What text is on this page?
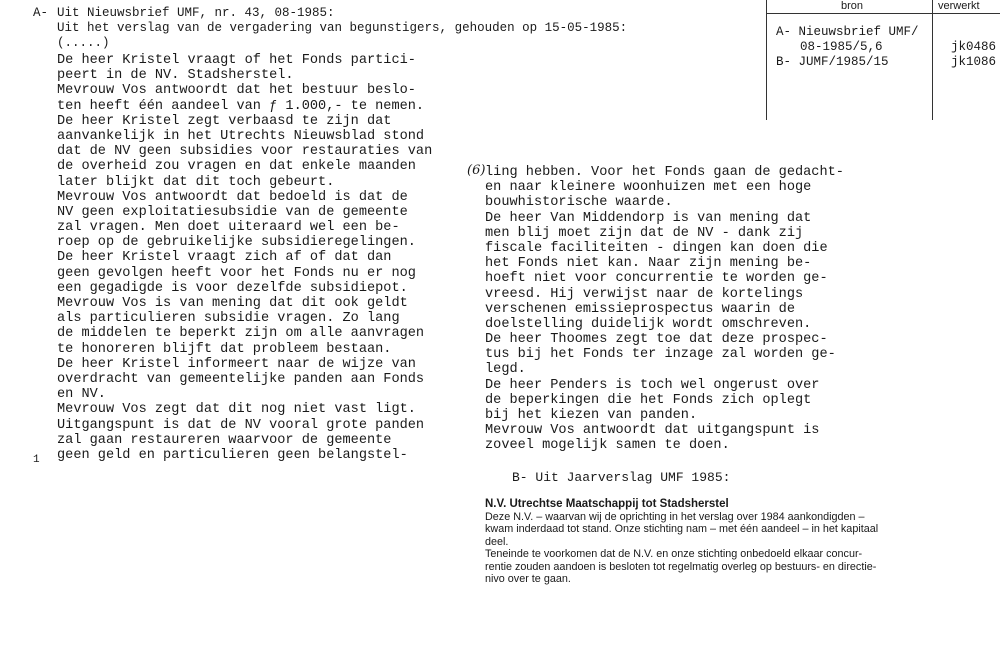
A- Uit Nieuwsbrief UMF, nr. 43, 08-1985:
Uit het verslag van de vergadering van begunstigers, gehouden op 15-05-1985:
(.....)
bron	verwerkt
A- Nieuwsbrief UMF/
08-1985/5,6	jk0486
B- JUMF/1985/15	jk1086
De heer Kristel vraagt of het Fonds partici-
peert in de NV. Stadsherstel.
Mevrouw Vos antwoordt dat het bestuur beslo-
ten heeft één aandeel van ƒ 1.000,- te nemen.
De heer Kristel zegt verbaasd te zijn dat
aanvankelijk in het Utrechts Nieuwsblad stond
dat de NV geen subsidies voor restauraties van
de overheid zou vragen en dat enkele maanden
later blijkt dat dit toch gebeurt.
Mevrouw Vos antwoordt dat bedoeld is dat de
NV geen exploitatiesubsidie van de gemeente
zal vragen. Men doet uiteraard wel een be-
roep op de gebruikelijke subsidieregelingen.
De heer Kristel vraagt zich af of dat dan
geen gevolgen heeft voor het Fonds nu er nog
een gegadigde is voor dezelfde subsidiepot.
Mevrouw Vos is van mening dat dit ook geldt
als particulieren subsidie vragen. Zo lang
de middelen te beperkt zijn om alle aanvragen
te honoreren blijft dat probleem bestaan.
De heer Kristel informeert naar de wijze van
overdracht van gemeentelijke panden aan Fonds
en NV.
Mevrouw Vos zegt dat dit nog niet vast ligt.
Uitgangspunt is dat de NV vooral grote panden
zal gaan restaureren waarvoor de gemeente
geen geld en particulieren geen belangstel-
(6) ling hebben. Voor het Fonds gaan de gedacht-
en naar kleinere woonhuizen met een hoge
bouwhistorische waarde.
De heer Van Middendorp is van mening dat
men blij moet zijn dat de NV - dank zij
fiscale faciliteiten - dingen kan doen die
het Fonds niet kan. Naar zijn mening be-
hoeft niet voor concurrentie te worden ge-
vreesd. Hij verwijst naar de kortelings
verschenen emissieprospectus waarin de
doelstelling duidelijk wordt omschreven.
De heer Thoomes zegt toe dat deze prospec-
tus bij het Fonds ter inzage zal worden ge-
legd.
De heer Penders is toch wel ongerust over
de beperkingen die het Fonds zich oplegt
bij het kiezen van panden.
Mevrouw Vos antwoordt dat uitgangspunt is
zoveel mogelijk samen te doen.
1
B- Uit Jaarverslag UMF 1985:
N.V. Utrechtse Maatschappij tot Stadsherstel

Deze N.V. – waarvan wij de oprichting in het verslag over 1984 aankondigden –
kwam inderdaad tot stand. Onze stichting nam – met één aandeel – in het kapitaal
deel.

Teneinde te voorkomen dat de N.V. en onze stichting onbedoeld elkaar concur-
rentie zouden aandoen is besloten tot regelmatig overleg op bestuurs- en directie-
nivo over te gaan.
